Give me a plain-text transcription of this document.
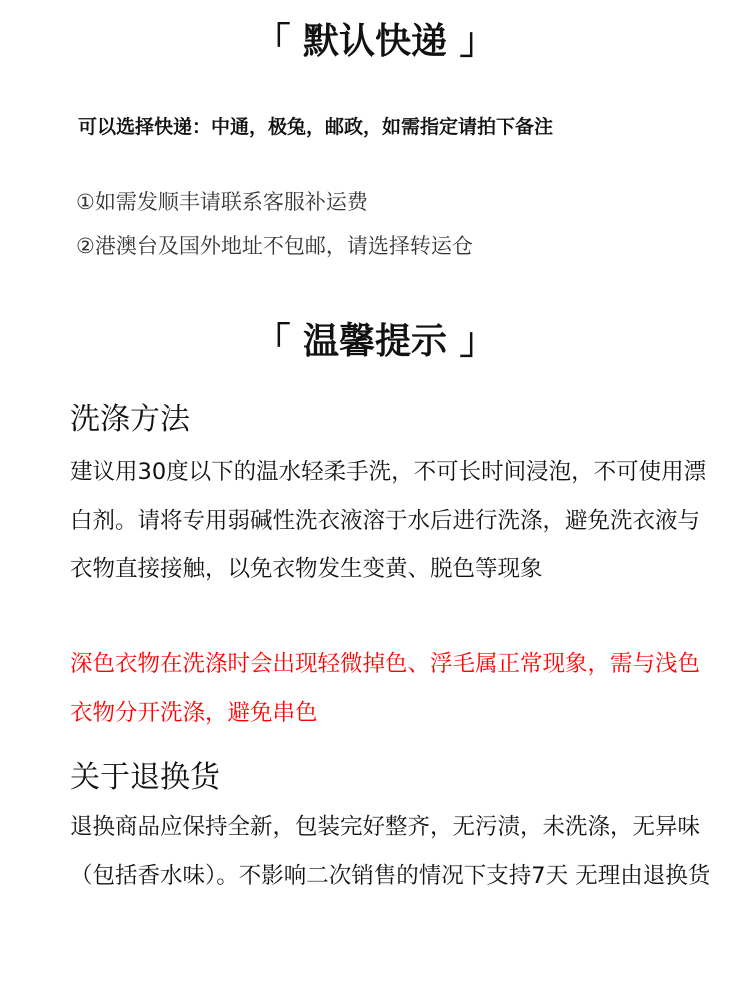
「 默认快递 」
可以选择快递：中通，极兔，邮政，如需指定请拍下备注
①如需发顺丰请联系客服补运费
②港澳台及国外地址不包邮，请选择转运仓
「 温馨提示 」
洗涤方法

建议用30度以下的温水轻柔手洗，不可长时间浸泡，不可使用漂白剂。请将专用弱碱性洗衣液溶于水后进行洗涤，避免洗衣液与衣物直接接触，以免衣物发生变黄、脱色等现象

深色衣物在洗涤时会出现轻微掉色、浮毛属正常现象，需与浅色衣物分开洗涤，避免串色

关于退换货

退换商品应保持全新，包装完好整齐，无污渍，未洗涤，无异味（包括香水味）。不影响二次销售的情况下支持7天 无理由退换货
